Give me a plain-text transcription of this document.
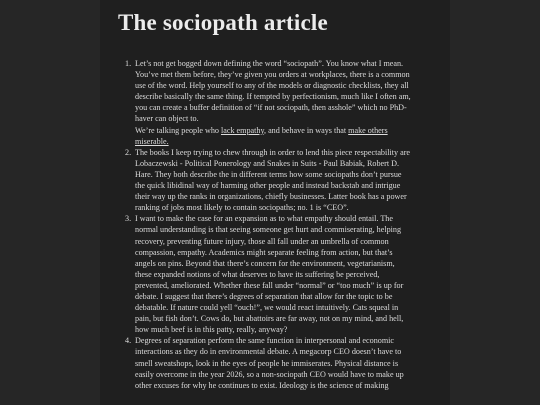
The sociopath article
1. Let’s not get bogged down defining the word “sociopath”. You know what I mean. You’ve met them before, they’ve given you orders at workplaces, there is a common use of the word. Help yourself to any of the models or diagnostic checklists, they all describe basically the same thing. If tempted by perfectionism, much like I often am, you can create a buffer definition of “if not sociopath, then asshole” which no PhD-haver can object to.

We’re talking people who lack empathy, and behave in ways that make others miserable.

2. The books I keep trying to chew through in order to lend this piece respectability are Lobaczewski - Political Ponerology and Snakes in Suits - Paul Babiak, Robert D. Hare. They both describe the in different terms how some sociopaths don’t pursue the quick libidinal way of harming other people and instead backstab and intrigue their way up the ranks in organizations, chiefly businesses. Latter book has a power ranking of jobs most likely to contain sociopaths; no. 1 is “CEO”.

3. I want to make the case for an expansion as to what empathy should entail. The normal understanding is that seeing someone get hurt and commiserating, helping recovery, preventing future injury, those all fall under an umbrella of common compassion, empathy. Academics might separate feeling from action, but that’s angels on pins. Beyond that there’s concern for the environment, vegetarianism, these expanded notions of what deserves to have its suffering be perceived, prevented, ameliorated. Whether these fall under “normal” or “too much” is up for debate. I suggest that there’s degrees of separation that allow for the topic to be debatable. If nature could yell “ouch!”, we would react intuitively. Cats squeal in pain, but fish don’t. Cows do, but abattoirs are far away, not on my mind, and hell, how much beef is in this patty, really, anyway?

4. Degrees of separation perform the same function in interpersonal and economic interactions as they do in environmental debate. A megacorp CEO doesn’t have to smell sweatshops, look in the eyes of people he immiserates. Physical distance is easily overcome in the year 2026, so a non-sociopath CEO would have to make up other excuses for why he continues to exist. Ideology is the science of making
